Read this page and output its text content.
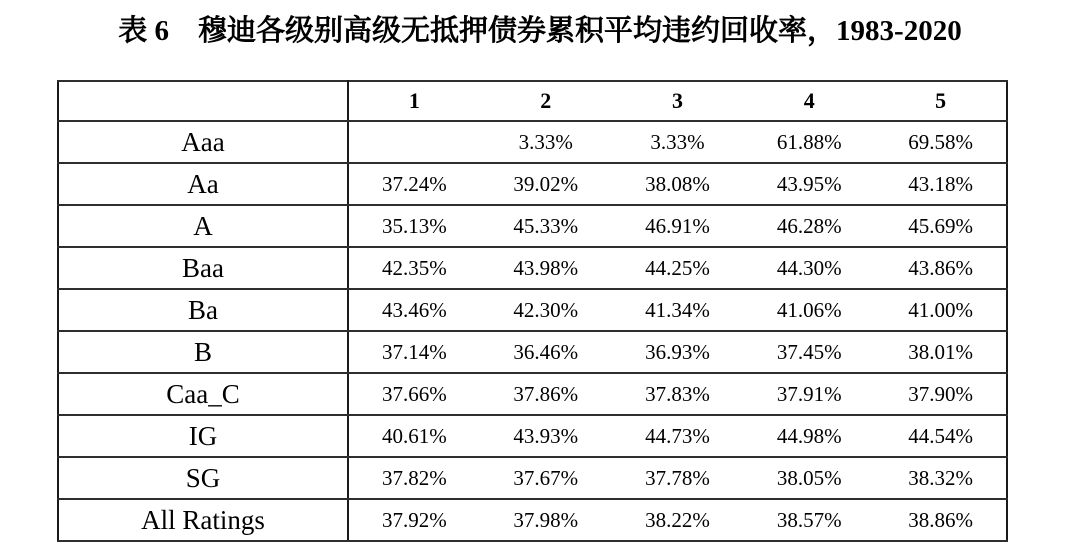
表 6　穆迪各级别高级无抵押债券累积平均违约回收率，1983-2020
	1	2	3	4	5
Aaa		3.33%	3.33%	61.88%	69.58%
Aa	37.24%	39.02%	38.08%	43.95%	43.18%
A	35.13%	45.33%	46.91%	46.28%	45.69%
Baa	42.35%	43.98%	44.25%	44.30%	43.86%
Ba	43.46%	42.30%	41.34%	41.06%	41.00%
B	37.14%	36.46%	36.93%	37.45%	38.01%
Caa_C	37.66%	37.86%	37.83%	37.91%	37.90%
IG	40.61%	43.93%	44.73%	44.98%	44.54%
SG	37.82%	37.67%	37.78%	38.05%	38.32%
All Ratings	37.92%	37.98%	38.22%	38.57%	38.86%
